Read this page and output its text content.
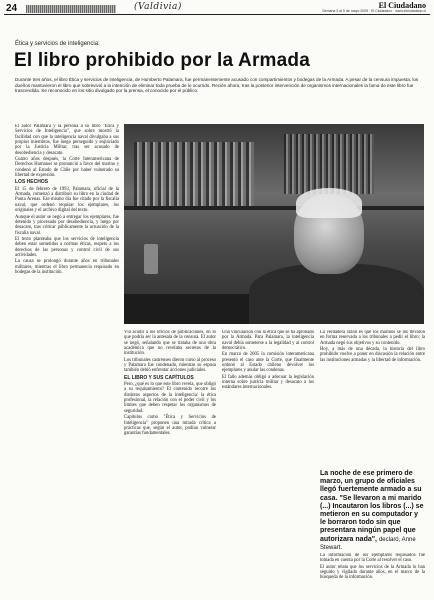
24	(Valdivia)	El Ciudadano
Semana 3 al 9 de mayo 2005 · El Ciudadano · www.elciudadano.cl
Ética y servicios de inteligencia:
El libro prohibido por la Armada
Durante tres años, el libro Ética y servicios de inteligencia, de Humberto Palamara, fue permanentemente acusado con compartimientos y bodegas de la Armada. A pesar de la censura impuesta, los dueños mantuvieron el libro que sobrevivió a la intención de eliminar toda prueba de lo ocurrido. Recién ahora, tras la posterior intervención de organismos internacionales la fama de este libro fue trascendida. Se reconocido en los sitio divulgado por la prensa, el conocido por el público.

El autor Palamara y la persona a su libro "Ética y Servicios de Inteligencia", que sobre mostró la facilidad con que la inteligencia naval divulgaba a sus propios miembros, fue luego perseguido y enjuiciado por la Justicia Militar, tras ser acusado de desobediencia y desacato.

Cuatro años después, la Corte Interamericana de Derechos Humanos se pronunció a favor del marino y condenó al Estado de Chile por haber vulnerado su libertad de expresión.

LOS HECHOS

El 15 de febrero de 1993, Palamara, oficial de la Armada, comenzó a distribuir su libro en la ciudad de Punta Arenas. Ese mismo día fue citado por la fiscalía naval, que ordenó requisar los ejemplares, los originales y el archivo digital del texto.

Aunque el autor se negó a entregar los ejemplares, fue detenido y procesado por desobediencia, y luego por desacato, tras criticar públicamente la actuación de la fiscalía naval.

El texto planteaba que los servicios de inteligencia deben estar sometidos a normas éticas, respeto a los derechos de las personas y control civil de sus actividades.

La causa se prolongó durante años en tribunales militares, mientras el libro permanecía requisado en bodegas de la institución.

Vía acudir a los oficios de publicaciones, en lo que podría ser la antesala de la censura. El autor se negó, señalando que se trataba de una obra académica que no revelaba secretos de la institución.

Los tribunales castrenses dieron curso al proceso y Palamara fue condenado, mientras su esposa también debió enfrentar acciones judiciales.

EL LIBRO Y SUS CAPÍTULOS

Pero, ¿qué es lo que este libro revela, que obligó a su requisamiento? El contenido recorre los distintos aspectos de la inteligencia: la ética profesional, la relación con el poder civil y los límites que deben respetar los organismos de seguridad.

Capítulos como "Ética y Servicios de Inteligencia" proponen una mirada crítica a prácticas que, según el autor, podían vulnerar garantías fundamentales.

Una vinculación con la ética que se ha aprobado por la Armada. Para Palamara, la inteligencia naval debía someterse a la legalidad y al control democrático.

En marzo de 2005 la comisión interamericana presentó el caso ante la Corte, que finalmente ordenó al Estado chileno devolver los ejemplares y anular las condenas.

El fallo además obligó a adecuar la legislación interna sobre justicia militar y desacato a los estándares internacionales.

La verdadera razón es que los marinos se los llevaron en forma reservada a los tribunales a pedir el libro; la Armada negó sus objetivos y su contenido.

Hoy, a más de una década, la historia del libro prohibido vuelve a poner en discusión la relación entre las instituciones armadas y la libertad de información.

La noche de ese primero de marzo, un grupo de oficiales llegó fuertemente armado a su casa. "Se llevaron a mi marido (...) Incautaron los libros (...) se metieron en su computador y le borraron todo sin que presentara ningún papel que autorizara nada", declaró, Anne Stewart.

La información de los ejemplares requisados fue tomada en cuenta por la Corte al resolver el caso.

El autor relata que los servicios de la Armada lo han seguido y vigilado durante años, en el marco de la búsqueda de la información.
